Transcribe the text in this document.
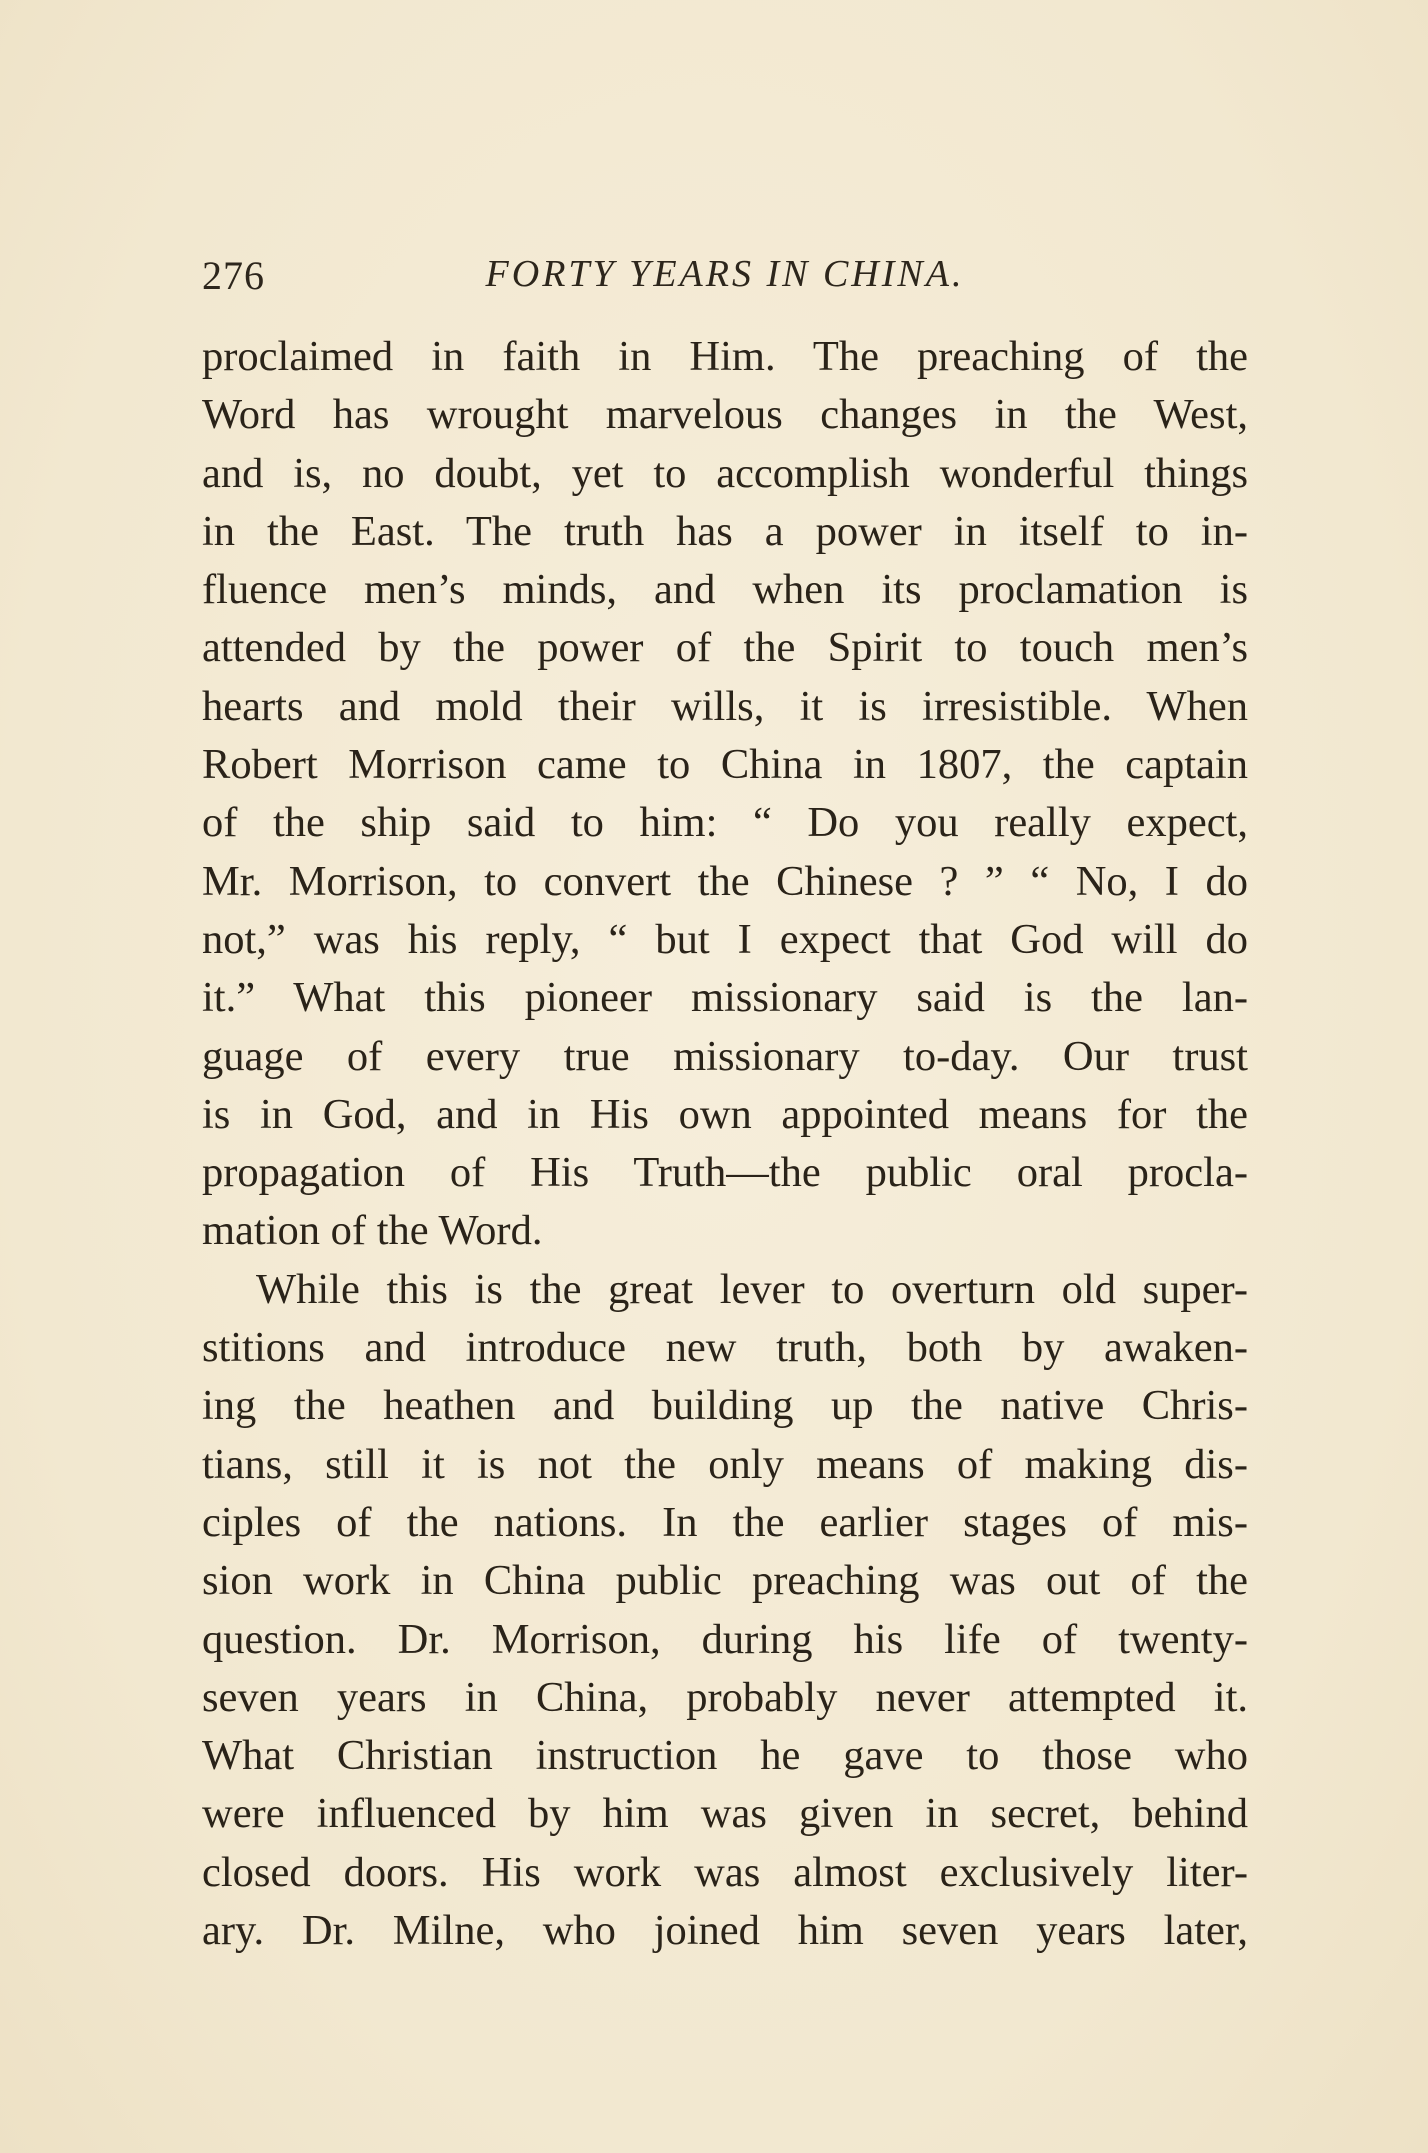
276	FORTY YEARS IN CHINA.
proclaimed in faith in Him. The preaching of the
Word has wrought marvelous changes in the West,
and is, no doubt, yet to accomplish wonderful things
in the East. The truth has a power in itself to in-
fluence men’s minds, and when its proclamation is
attended by the power of the Spirit to touch men’s
hearts and mold their wills, it is irresistible. When
Robert Morrison came to China in 1807, the captain
of the ship said to him: “ Do you really expect,
Mr. Morrison, to convert the Chinese ? ” “ No, I do
not,” was his reply, “ but I expect that God will do
it.” What this pioneer missionary said is the lan-
guage of every true missionary to-day. Our trust
is in God, and in His own appointed means for the
propagation of His Truth—the public oral procla-
mation of the Word.
While this is the great lever to overturn old super-
stitions and introduce new truth, both by awaken-
ing the heathen and building up the native Chris-
tians, still it is not the only means of making dis-
ciples of the nations. In the earlier stages of mis-
sion work in China public preaching was out of the
question. Dr. Morrison, during his life of twenty-
seven years in China, probably never attempted it.
What Christian instruction he gave to those who
were influenced by him was given in secret, behind
closed doors. His work was almost exclusively liter-
ary. Dr. Milne, who joined him seven years later,
